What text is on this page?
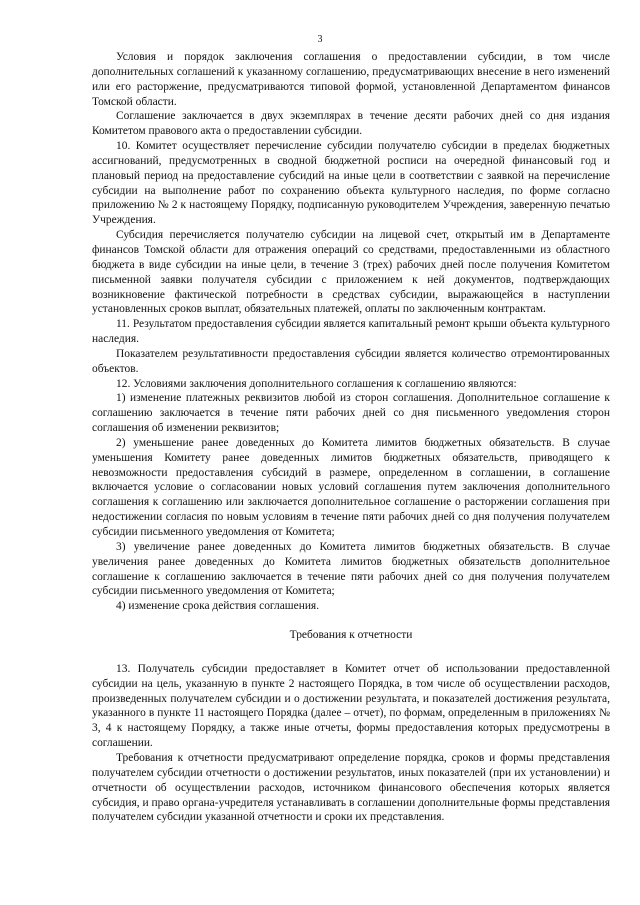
3

Условия и порядок заключения соглашения о предоставлении субсидии, в том числе дополнительных соглашений к указанному соглашению, предусматривающих внесение в него изменений или его расторжение, предусматриваются типовой формой, установленной Департаментом финансов Томской области.

Соглашение заключается в двух экземплярах в течение десяти рабочих дней со дня издания Комитетом правового акта о предоставлении субсидии.

10. Комитет осуществляет перечисление субсидии получателю субсидии в пределах бюджетных ассигнований, предусмотренных в сводной бюджетной росписи на очередной финансовый год и плановый период на предоставление субсидий на иные цели в соответствии с заявкой на перечисление субсидии на выполнение работ по сохранению объекта культурного наследия, по форме согласно приложению № 2 к настоящему Порядку, подписанную руководителем Учреждения, заверенную печатью Учреждения.

Субсидия перечисляется получателю субсидии на лицевой счет, открытый им в Департаменте финансов Томской области для отражения операций со средствами, предоставленными из областного бюджета в виде субсидии на иные цели, в течение 3 (трех) рабочих дней после получения Комитетом письменной заявки получателя субсидии с приложением к ней документов, подтверждающих возникновение фактической потребности в средствах субсидии, выражающейся в наступлении установленных сроков выплат, обязательных платежей, оплаты по заключенным контрактам.

11. Результатом предоставления субсидии является капитальный ремонт крыши объекта культурного наследия.

Показателем результативности предоставления субсидии является количество отремонтированных объектов.

12. Условиями заключения дополнительного соглашения к соглашению являются:

1) изменение платежных реквизитов любой из сторон соглашения. Дополнительное соглашение к соглашению заключается в течение пяти рабочих дней со дня письменного уведомления сторон соглашения об изменении реквизитов;

2) уменьшение ранее доведенных до Комитета лимитов бюджетных обязательств. В случае уменьшения Комитету ранее доведенных лимитов бюджетных обязательств, приводящего к невозможности предоставления субсидий в размере, определенном в соглашении, в соглашение включается условие о согласовании новых условий соглашения путем заключения дополнительного соглашения к соглашению или заключается дополнительное соглашение о расторжении соглашения при недостижении согласия по новым условиям в течение пяти рабочих дней со дня получения получателем субсидии письменного уведомления от Комитета;

3) увеличение ранее доведенных до Комитета лимитов бюджетных обязательств. В случае увеличения ранее доведенных до Комитета лимитов бюджетных обязательств дополнительное соглашение к соглашению заключается в течение пяти рабочих дней со дня получения получателем субсидии письменного уведомления от Комитета;

4) изменение срока действия соглашения.

Требования к отчетности

13. Получатель субсидии предоставляет в Комитет отчет об использовании предоставленной субсидии на цель, указанную в пункте 2 настоящего Порядка, в том числе об осуществлении расходов, произведенных получателем субсидии и о достижении результата, и показателей достижения результата, указанного в пункте 11 настоящего Порядка (далее – отчет), по формам, определенным в приложениях № 3, 4 к настоящему Порядку, а также иные отчеты, формы предоставления которых предусмотрены в соглашении.

Требования к отчетности предусматривают определение порядка, сроков и формы представления получателем субсидии отчетности о достижении результатов, иных показателей (при их установлении) и отчетности об осуществлении расходов, источником финансового обеспечения которых является субсидия, и право органа-учредителя устанавливать в соглашении дополнительные формы представления получателем субсидии указанной отчетности и сроки их представления.
